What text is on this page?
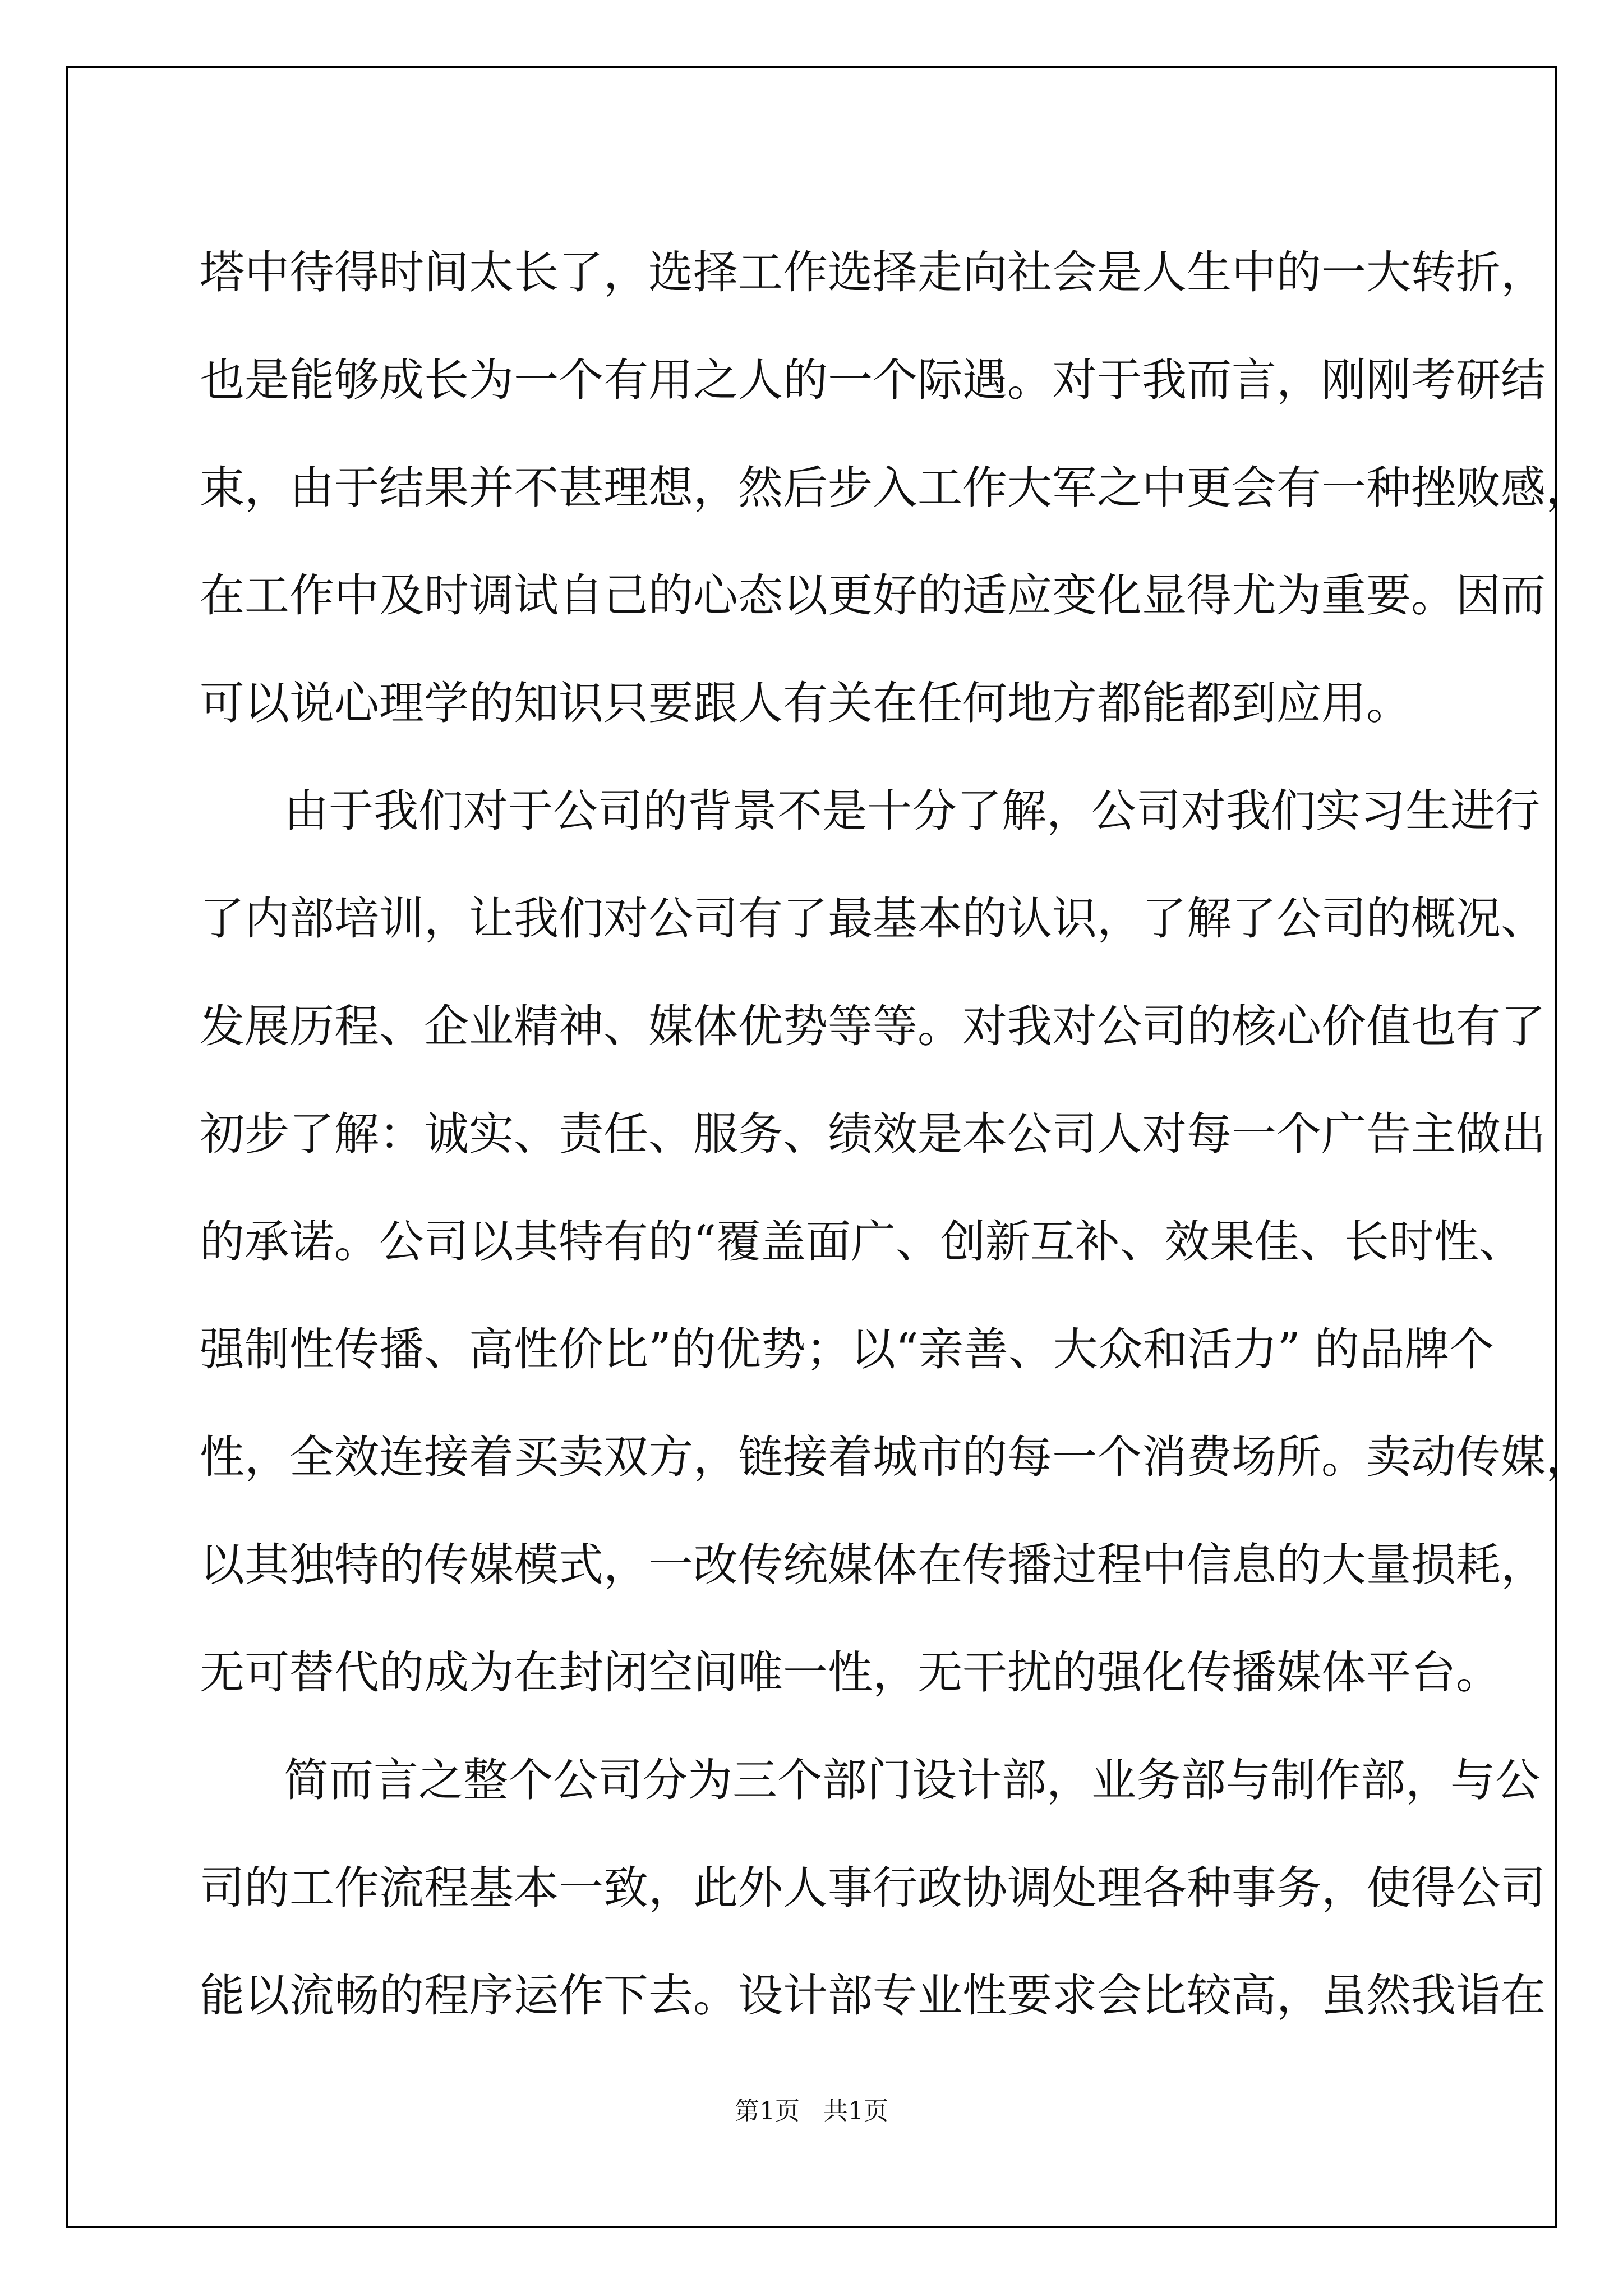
塔中待得时间太长了，选择工作选择走向社会是人生中的一大转折，
也是能够成长为一个有用之人的一个际遇。对于我而言，刚刚考研结
束，由于结果并不甚理想，然后步入工作大军之中更会有一种挫败感，
在工作中及时调试自己的心态以更好的适应变化显得尤为重要。因而
可以说心理学的知识只要跟人有关在任何地方都能都到应用。
由于我们对于公司的背景不是十分了解，公司对我们实习生进行
了内部培训，让我们对公司有了最基本的认识，了解了公司的概况、
发展历程、企业精神、媒体优势等等。对我对公司的核心价值也有了
初步了解：诚实、责任、服务、绩效是本公司人对每一个广告主做出
的承诺。公司以其特有的“覆盖面广、创新互补、效果佳、长时性、
强制性传播、高性价比”的优势；以“亲善、大众和活力” 的品牌个
性，全效连接着买卖双方，链接着城市的每一个消费场所。卖动传媒，
以其独特的传媒模式，一改传统媒体在传播过程中信息的大量损耗，
无可替代的成为在封闭空间唯一性，无干扰的强化传播媒体平台。
简而言之整个公司分为三个部门设计部，业务部与制作部，与公
司的工作流程基本一致，此外人事行政协调处理各种事务，使得公司
能以流畅的程序运作下去。设计部专业性要求会比较高，虽然我诣在
第1页   共1页
